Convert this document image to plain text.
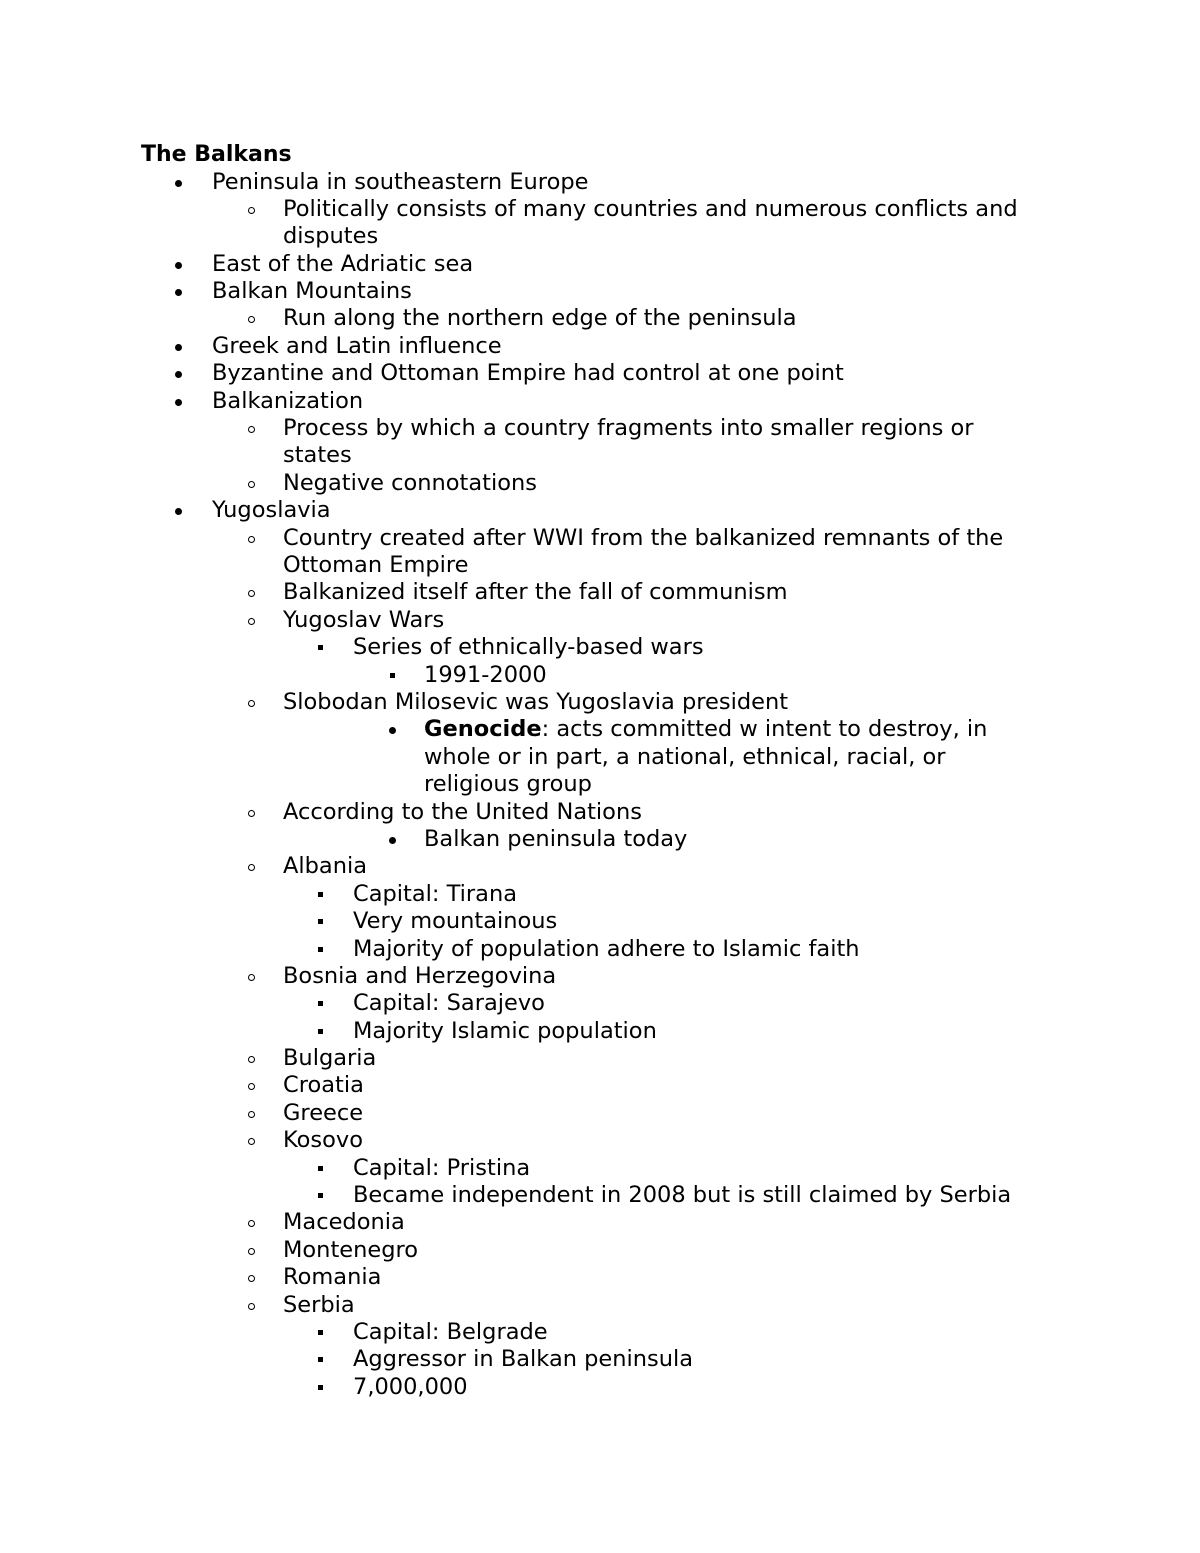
The Balkans
Peninsula in southeastern Europe
Politically consists of many countries and numerous conflicts and
disputes
East of the Adriatic sea
Balkan Mountains
Run along the northern edge of the peninsula
Greek and Latin influence
Byzantine and Ottoman Empire had control at one point
Balkanization
Process by which a country fragments into smaller regions or
states
Negative connotations
Yugoslavia
Country created after WWI from the balkanized remnants of the
Ottoman Empire
Balkanized itself after the fall of communism
Yugoslav Wars
Series of ethnically-based wars
1991-2000
Slobodan Milosevic was Yugoslavia president
Genocide: acts committed w intent to destroy, in
whole or in part, a national, ethnical, racial, or
religious group
According to the United Nations
Balkan peninsula today
Albania
Capital: Tirana
Very mountainous
Majority of population adhere to Islamic faith
Bosnia and Herzegovina
Capital: Sarajevo
Majority Islamic population
Bulgaria
Croatia
Greece
Kosovo
Capital: Pristina
Became independent in 2008 but is still claimed by Serbia
Macedonia
Montenegro
Romania
Serbia
Capital: Belgrade
Aggressor in Balkan peninsula
7,000,000
